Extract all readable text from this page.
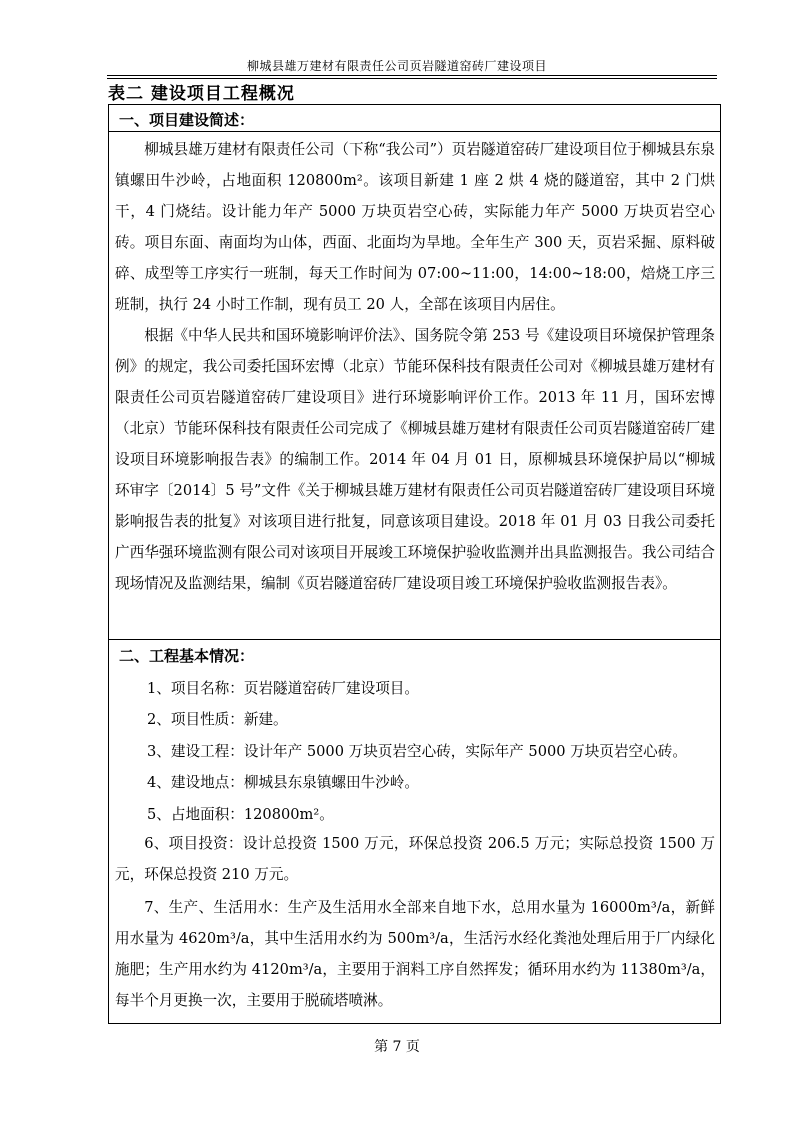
柳城县雄万建材有限责任公司页岩隧道窑砖厂建设项目
表二 建设项目工程概况
一、项目建设简述：
柳城县雄万建材有限责任公司（下称“我公司”）页岩隧道窑砖厂建设项目位于柳城县东泉镇螺田牛沙岭，占地面积 120800m²。该项目新建 1 座 2 烘 4 烧的隧道窑，其中 2 门烘干，4 门烧结。设计能力年产 5000 万块页岩空心砖，实际能力年产 5000 万块页岩空心砖。项目东面、南面均为山体，西面、北面均为旱地。全年生产 300 天，页岩采掘、原料破碎、成型等工序实行一班制，每天工作时间为 07:00~11:00，14:00~18:00，焙烧工序三班制，执行 24 小时工作制，现有员工 20 人，全部在该项目内居住。
根据《中华人民共和国环境影响评价法》、国务院令第 253 号《建设项目环境保护管理条例》的规定，我公司委托国环宏博（北京）节能环保科技有限责任公司对《柳城县雄万建材有限责任公司页岩隧道窑砖厂建设项目》进行环境影响评价工作。2013 年 11 月，国环宏博（北京）节能环保科技有限责任公司完成了《柳城县雄万建材有限责任公司页岩隧道窑砖厂建设项目环境影响报告表》的编制工作。2014 年 04 月 01 日，原柳城县环境保护局以“柳城环审字〔2014〕5 号”文件《关于柳城县雄万建材有限责任公司页岩隧道窑砖厂建设项目环境影响报告表的批复》对该项目进行批复，同意该项目建设。2018 年 01 月 03 日我公司委托广西华强环境监测有限公司对该项目开展竣工环境保护验收监测并出具监测报告。我公司结合现场情况及监测结果，编制《页岩隧道窑砖厂建设项目竣工环境保护验收监测报告表》。
二、工程基本情况：
1、项目名称：页岩隧道窑砖厂建设项目。
2、项目性质：新建。
3、建设工程：设计年产 5000 万块页岩空心砖，实际年产 5000 万块页岩空心砖。
4、建设地点：柳城县东泉镇螺田牛沙岭。
5、占地面积：120800m²。
6、项目投资：设计总投资 1500 万元，环保总投资 206.5 万元；实际总投资 1500 万元，环保总投资 210 万元。
7、生产、生活用水：生产及生活用水全部来自地下水，总用水量为 16000m³/a，新鲜用水量为 4620m³/a，其中生活用水约为 500m³/a，生活污水经化粪池处理后用于厂内绿化施肥；生产用水约为 4120m³/a，主要用于润料工序自然挥发；循环用水约为 11380m³/a，每半个月更换一次，主要用于脱硫塔喷淋。
第 7 页
